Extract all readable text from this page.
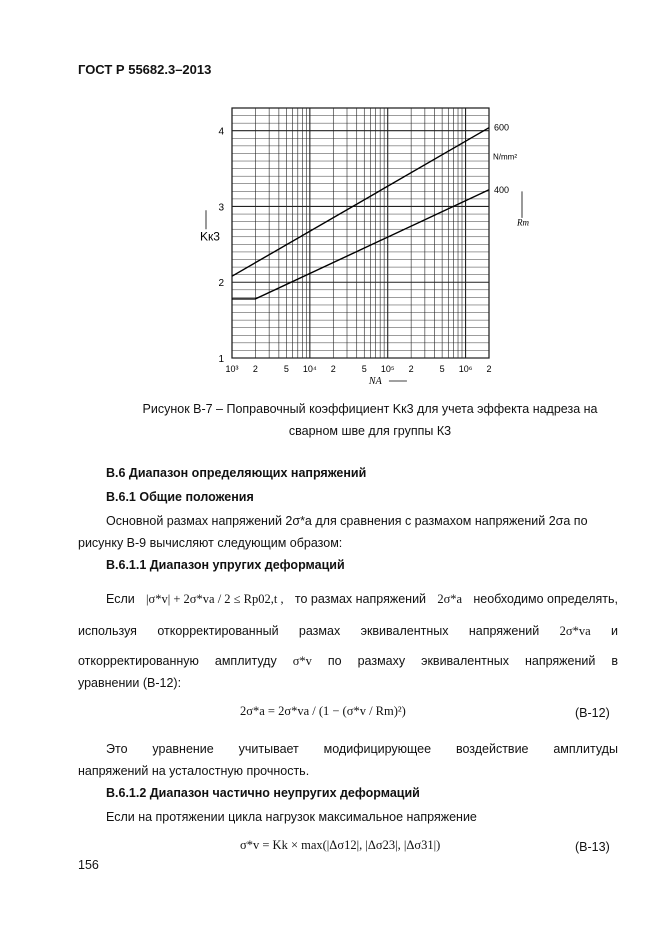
ГОСТ Р 55682.3–2013
600
400
N/mm²
Rm
1
2
3
4
Kк3
10³ 2	5 10⁴ 2	5 10⁵ 2	5 10⁶ 2
NA
Рисунок В-7 – Поправочный коэффициент Kк3 для учета эффекта надреза на
сварном шве для группы К3
В.6 Диапазон определяющих напряжений
В.6.1 Общие положения
Основной размах напряжений 2σ*a для сравнения с размахом напряжений 2σa по
рисунку В-9 вычисляют следующим образом:
В.6.1.1 Диапазон упругих деформаций
Если |σ*v| + 2σ*va / 2 ≤ Rp02,t , то размах напряжений 2σ*a необходимо определять,
используя откорректированный размах эквивалентных напряжений 2σ*va и
откорректированную амплитуду σ*v по размаху эквивалентных напряжений в
уравнении (В-12):
2σ*a = 2σ*va / (1 − (σ*v / Rm)²)	(В-12)
Это уравнение учитывает модифицирующее воздействие амплитуды
напряжений на усталостную прочность.
В.6.1.2 Диапазон частично неупругих деформаций
Если на протяжении цикла нагрузок максимальное напряжение
σ*v = Kk × max(|Δσ12|, |Δσ23|, |Δσ31|)	(В-13)
156
